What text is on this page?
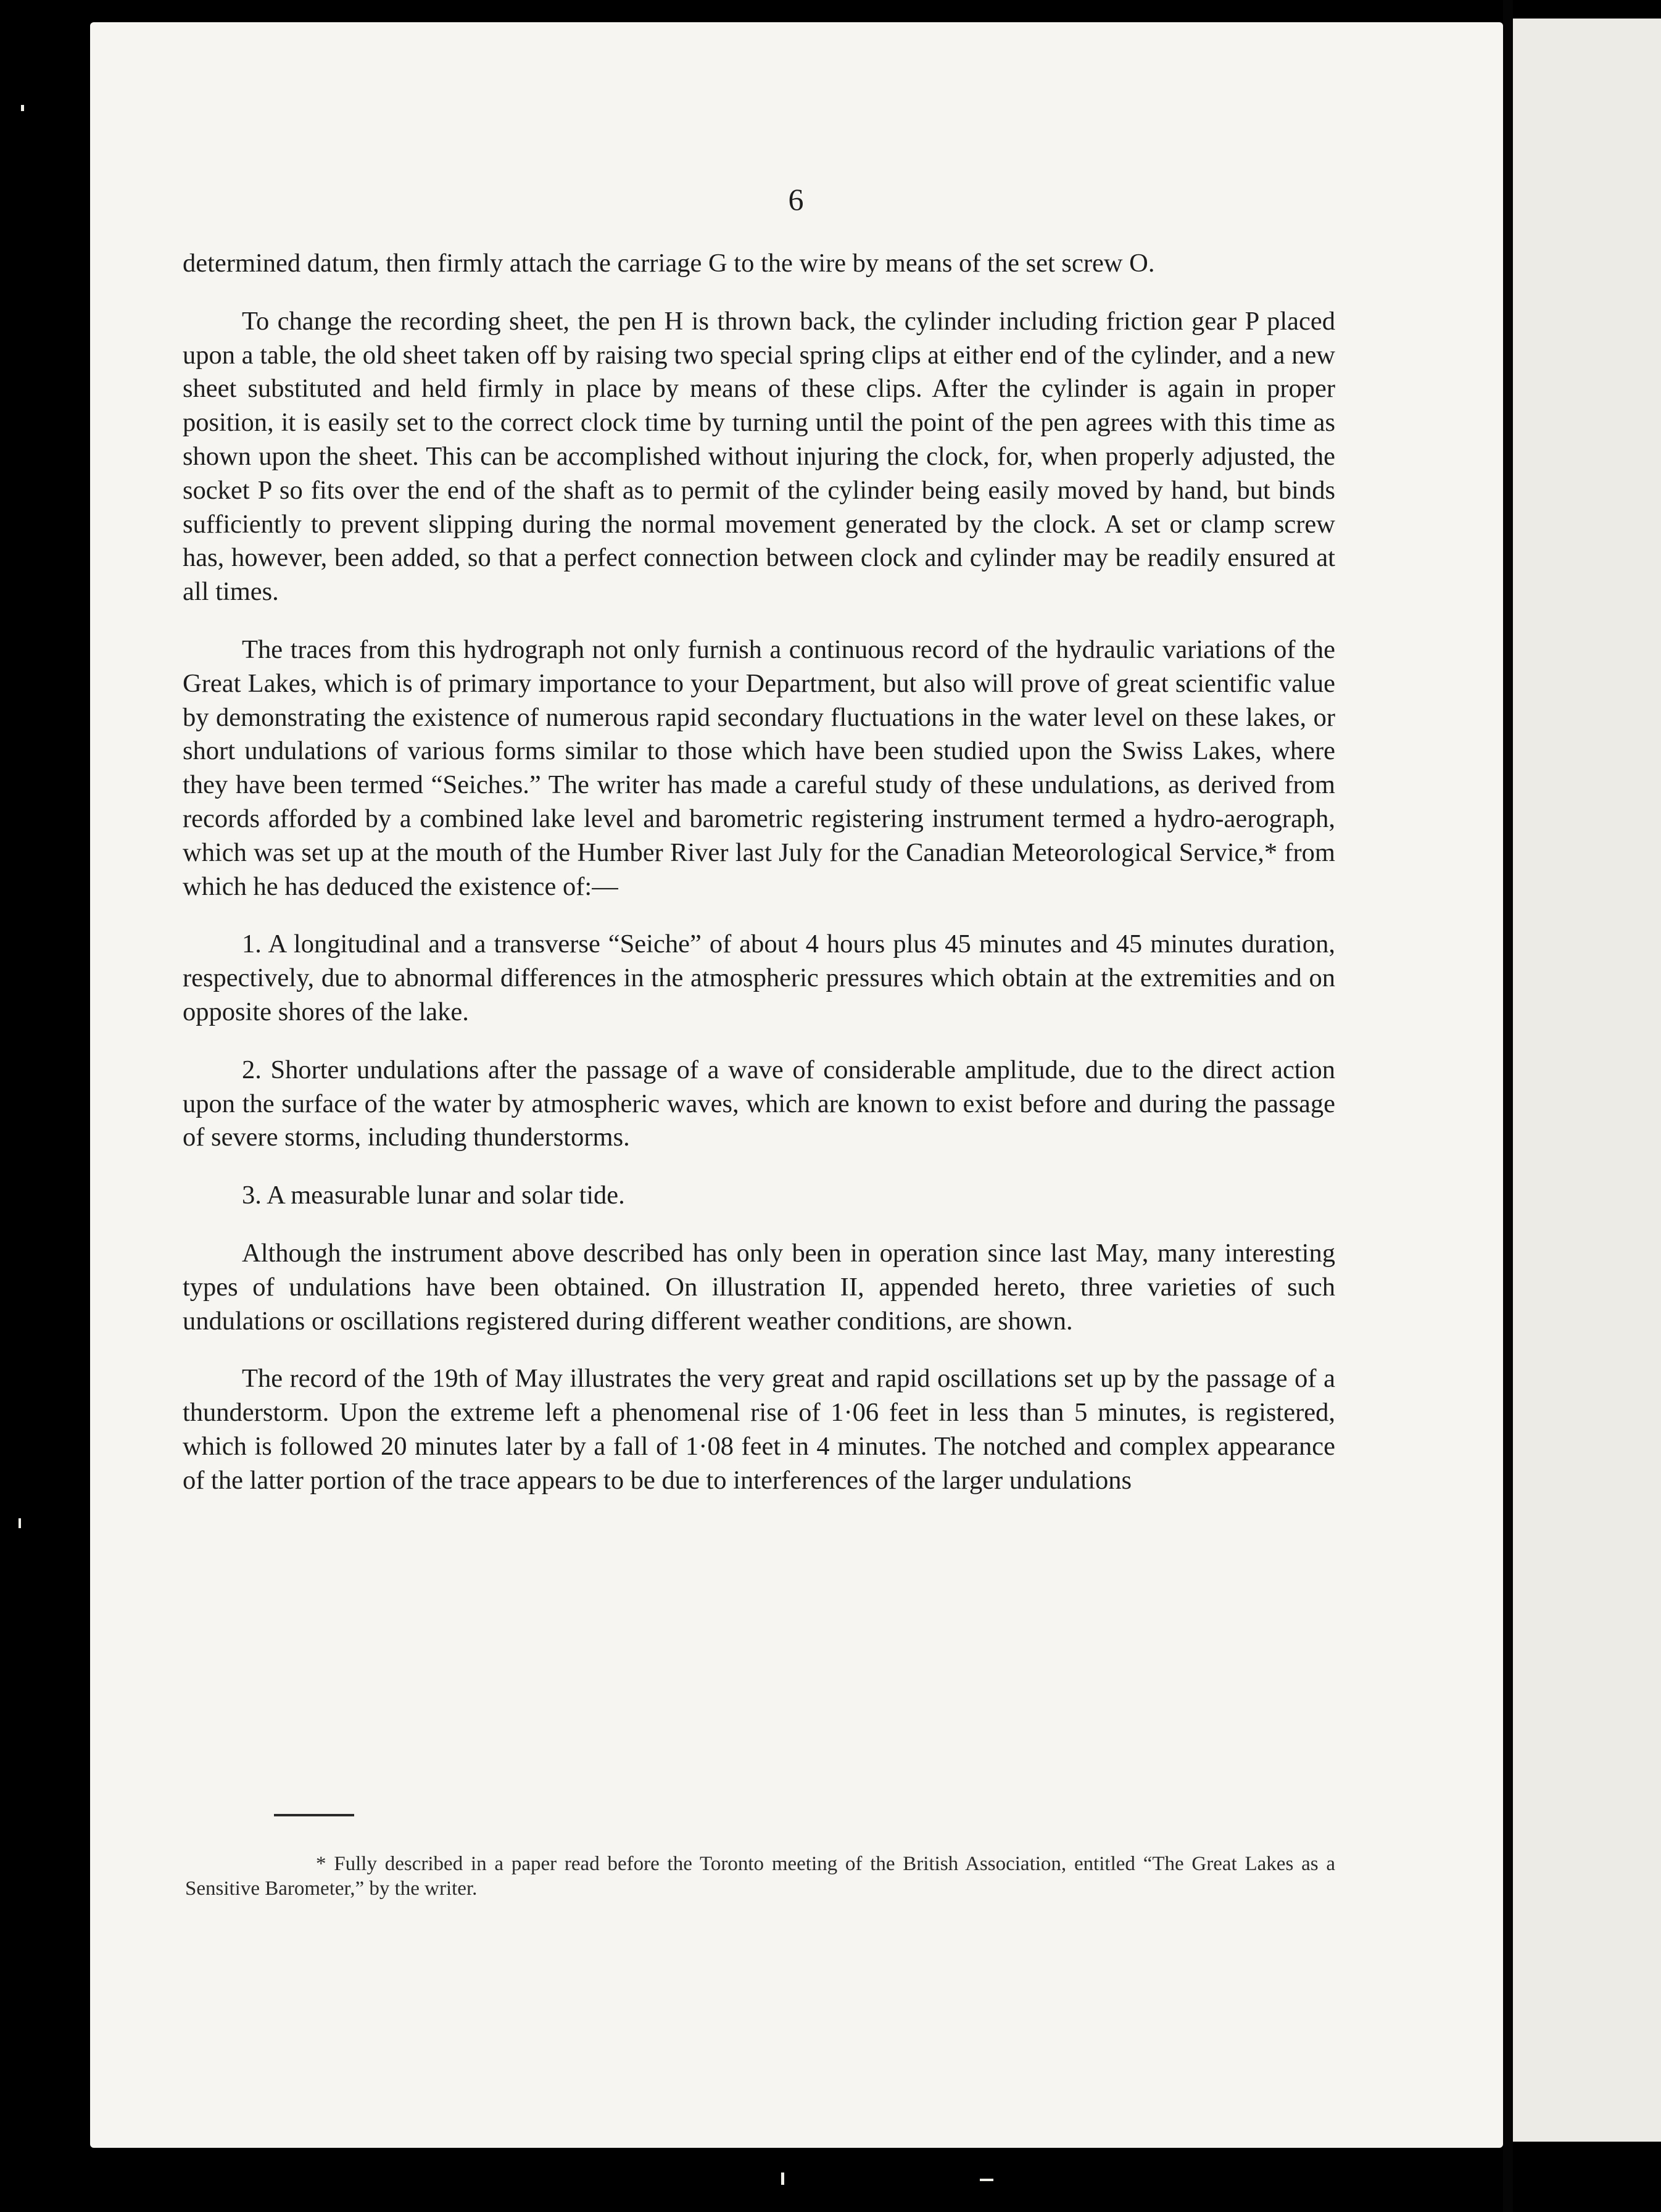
6

determined datum, then firmly attach the carriage G to the wire by means of the set screw O.

To change the recording sheet, the pen H is thrown back, the cylinder including friction gear P placed upon a table, the old sheet taken off by raising two special spring clips at either end of the cylinder, and a new sheet substituted and held firmly in place by means of these clips. After the cylinder is again in proper position, it is easily set to the correct clock time by turning until the point of the pen agrees with this time as shown upon the sheet. This can be accomplished without injuring the clock, for, when properly adjusted, the socket P so fits over the end of the shaft as to permit of the cylinder being easily moved by hand, but binds sufficiently to prevent slipping during the normal movement generated by the clock. A set or clamp screw has, however, been added, so that a perfect connection between clock and cylinder may be readily ensured at all times.

The traces from this hydrograph not only furnish a continuous record of the hydraulic variations of the Great Lakes, which is of primary importance to your Department, but also will prove of great scientific value by demonstrating the existence of numerous rapid secondary fluctuations in the water level on these lakes, or short undulations of various forms similar to those which have been studied upon the Swiss Lakes, where they have been termed “Seiches.” The writer has made a careful study of these undulations, as derived from records afforded by a combined lake level and barometric registering instrument termed a hydro-aerograph, which was set up at the mouth of the Humber River last July for the Canadian Meteorological Service,* from which he has deduced the existence of:—

1. A longitudinal and a transverse “Seiche” of about 4 hours plus 45 minutes and 45 minutes duration, respectively, due to abnormal differences in the atmospheric pressures which obtain at the extremities and on opposite shores of the lake.

2. Shorter undulations after the passage of a wave of considerable amplitude, due to the direct action upon the surface of the water by atmospheric waves, which are known to exist before and during the passage of severe storms, including thunderstorms.

3. A measurable lunar and solar tide.

Although the instrument above described has only been in operation since last May, many interesting types of undulations have been obtained. On illustration II, appended hereto, three varieties of such undulations or oscillations registered during different weather conditions, are shown.

The record of the 19th of May illustrates the very great and rapid oscillations set up by the passage of a thunderstorm. Upon the extreme left a phenomenal rise of 1·06 feet in less than 5 minutes, is registered, which is followed 20 minutes later by a fall of 1·08 feet in 4 minutes. The notched and complex appearance of the latter portion of the trace appears to be due to interferences of the larger undulations

* Fully described in a paper read before the Toronto meeting of the British Association, entitled “The Great Lakes as a Sensitive Barometer,” by the writer.
